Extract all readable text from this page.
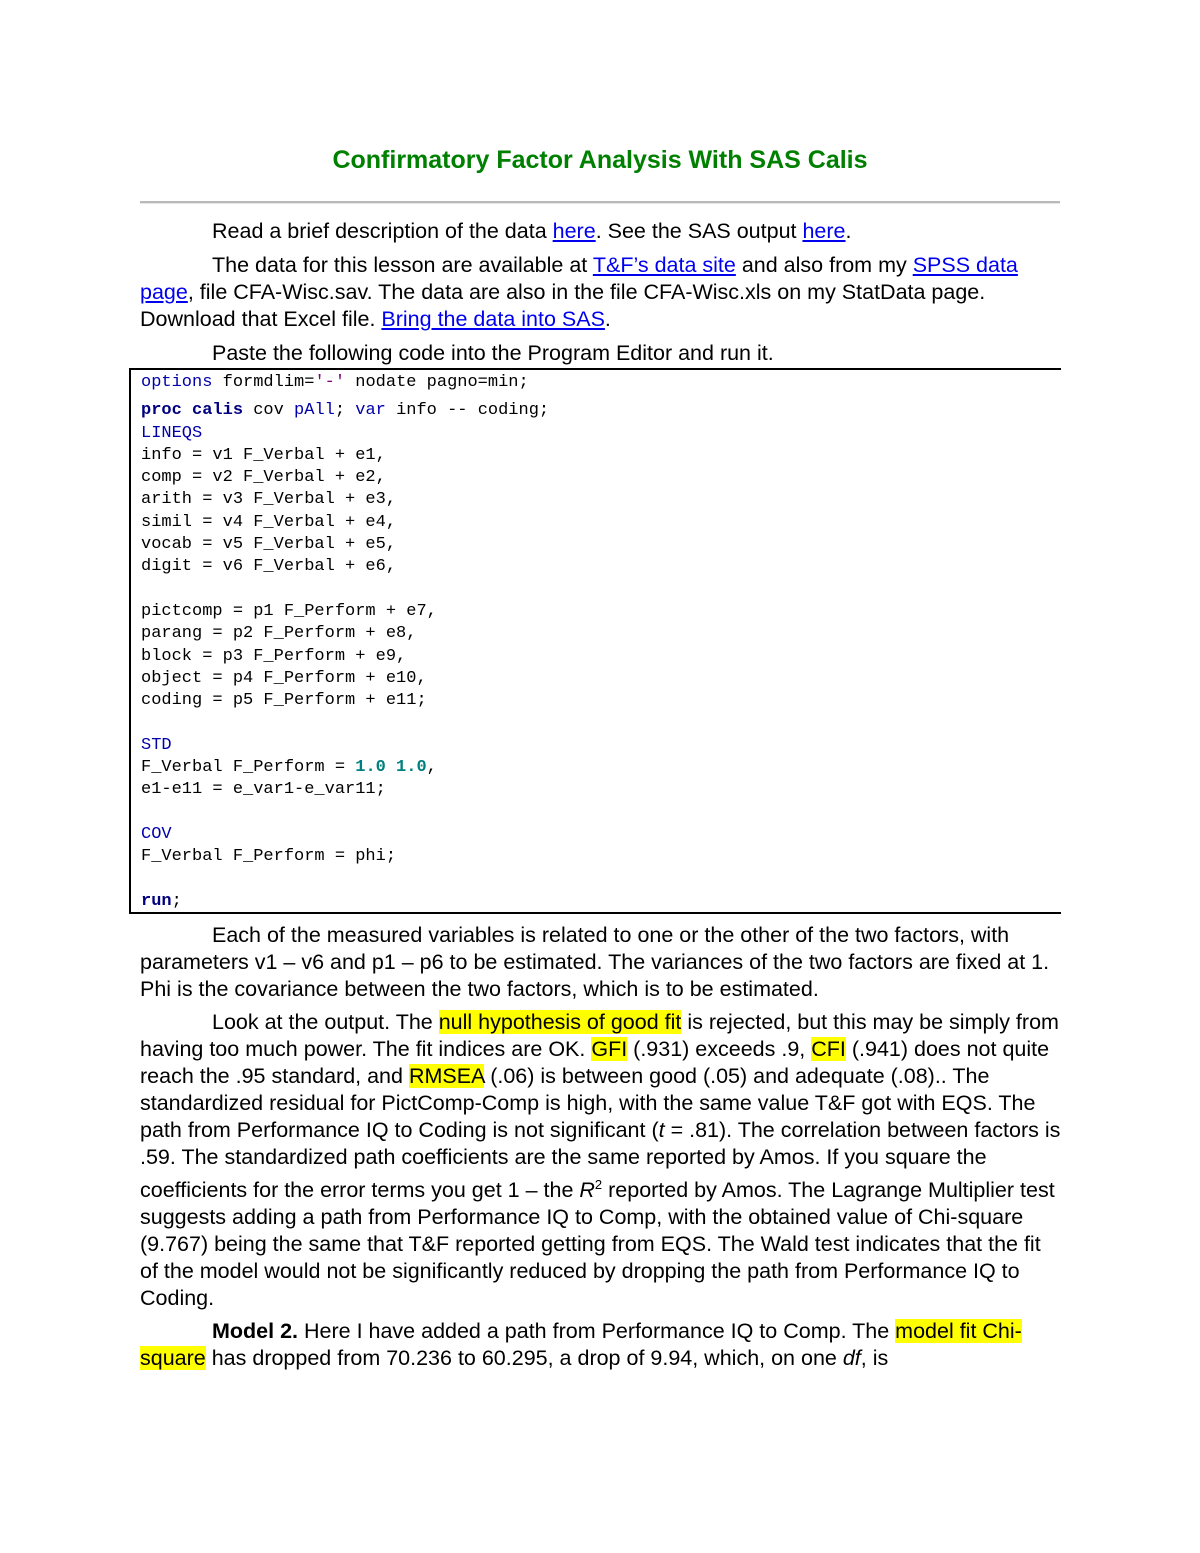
Confirmatory Factor Analysis With SAS Calis

Read a brief description of the data here. See the SAS output here.

The data for this lesson are available at T&F’s data site and also from my SPSS data page, file CFA-Wisc.sav. The data are also in the file CFA-Wisc.xls on my StatData page. Download that Excel file. Bring the data into SAS.

Paste the following code into the Program Editor and run it.

options formdlim='-' nodate pagno=min;

proc calis cov pAll; var info -- coding;
LINEQS
info = v1 F_Verbal + e1,
comp = v2 F_Verbal + e2,
arith = v3 F_Verbal + e3,
simil = v4 F_Verbal + e4,
vocab = v5 F_Verbal + e5,
digit = v6 F_Verbal + e6,

pictcomp = p1 F_Perform + e7,
parang = p2 F_Perform + e8,
block = p3 F_Perform + e9,
object = p4 F_Perform + e10,
coding = p5 F_Perform + e11;

STD
F_Verbal F_Perform = 1.0 1.0,
e1-e11 = e_var1-e_var11;

COV
F_Verbal F_Perform = phi;

run;

Each of the measured variables is related to one or the other of the two factors, with parameters v1 – v6 and p1 – p6 to be estimated. The variances of the two factors are fixed at 1. Phi is the covariance between the two factors, which is to be estimated.

Look at the output. The null hypothesis of good fit is rejected, but this may be simply from having too much power. The fit indices are OK. GFI (.931) exceeds .9, CFI (.941) does not quite reach the .95 standard, and RMSEA (.06) is between good (.05) and adequate (.08).. The standardized residual for PictComp-Comp is high, with the same value T&F got with EQS. The path from Performance IQ to Coding is not significant (t = .81). The correlation between factors is .59. The standardized path coefficients are the same reported by Amos. If you square the coefficients for the error terms you get 1 – the $R^2$ reported by Amos. The Lagrange Multiplier test suggests adding a path from Performance IQ to Comp, with the obtained value of Chi-square (9.767) being the same that T&F reported getting from EQS. The Wald test indicates that the fit of the model would not be significantly reduced by dropping the path from Performance IQ to Coding.

Model 2. Here I have added a path from Performance IQ to Comp. The model fit Chi-square has dropped from 70.236 to 60.295, a drop of 9.94, which, on one df, is
